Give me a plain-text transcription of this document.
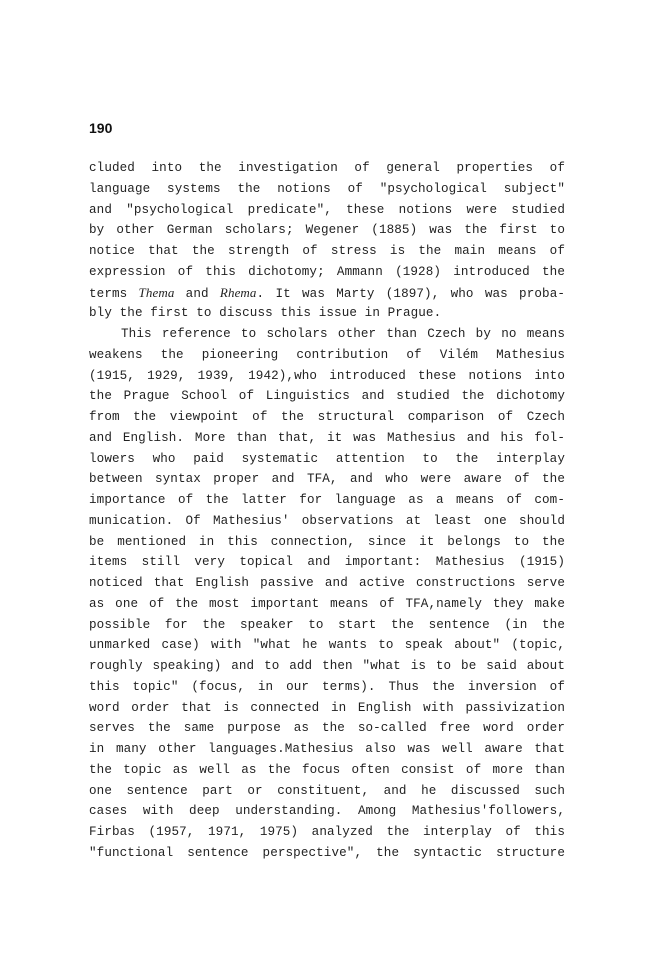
190
cluded into the investigation of general properties of
language systems the notions of "psychological subject"
and "psychological predicate", these notions were studied
by other German scholars; Wegener (1885) was the first to
notice that the strength of stress is the main means of
expression of this dichotomy; Ammann (1928) introduced the
terms Thema and Rhema. It was Marty (1897), who was proba-
bly the first to discuss this issue in Prague.
This reference to scholars other than Czech by no means
weakens the pioneering contribution of Vilém Mathesius
(1915, 1929, 1939, 1942),who introduced these notions into
the Prague School of Linguistics and studied the dichotomy
from the viewpoint of the structural comparison of Czech
and English. More than that, it was Mathesius and his fol-
lowers who paid systematic attention to the interplay
between syntax proper and TFA, and who were aware of the
importance of the latter for language as a means of com-
munication. Of Mathesius' observations at least one should
be mentioned in this connection, since it belongs to the
items still very topical and important: Mathesius (1915)
noticed that English passive and active constructions serve
as one of the most important means of TFA,namely they make
possible for the speaker to start the sentence (in the
unmarked case) with "what he wants to speak about" (topic,
roughly speaking) and to add then "what is to be said about
this topic" (focus, in our terms). Thus the inversion of
word order that is connected in English with passivization
serves the same purpose as the so-called free word order
in many other languages.Mathesius also was well aware that
the topic as well as the focus often consist of more than
one sentence part or constituent, and he discussed such
cases with deep understanding. Among Mathesius'followers,
Firbas (1957, 1971, 1975) analyzed the interplay of this
"functional sentence perspective", the syntactic structure
